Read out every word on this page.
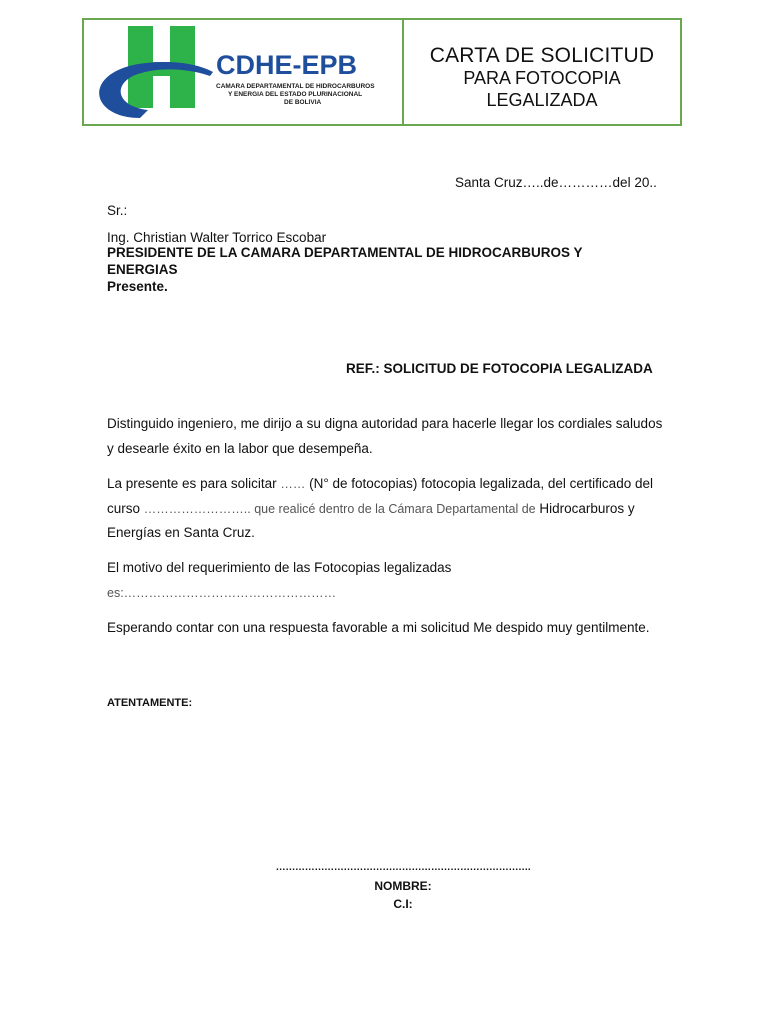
CDHE-EPB
CAMARA DEPARTAMENTAL DE HIDROCARBUROS
Y ENERGIA DEL ESTADO PLURINACIONAL
DE BOLIVIA
CARTA DE SOLICITUD
PARA FOTOCOPIA
LEGALIZADA
Santa Cruz…..de…………del 20..
Sr.:
Ing. Christian Walter Torrico Escobar
PRESIDENTE DE LA CAMARA DEPARTAMENTAL DE HIDROCARBUROS Y
ENERGIAS
Presente.
REF.: SOLICITUD DE FOTOCOPIA LEGALIZADA
Distinguido ingeniero, me dirijo a su digna autoridad para hacerle llegar los cordiales saludos y desearle éxito en la labor que desempeña.
La presente es para solicitar …… (N° de fotocopias) fotocopia legalizada, del certificado del curso …………………….. que realicé dentro de la Cámara Departamental de Hidrocarburos y Energías en Santa Cruz.
El motivo del requerimiento de las Fotocopias legalizadas
es:……………………………………………
Esperando contar con una respuesta favorable a mi solicitud Me despido muy gentilmente.
ATENTAMENTE:
…………………………………………………………………….
NOMBRE:
C.I:
